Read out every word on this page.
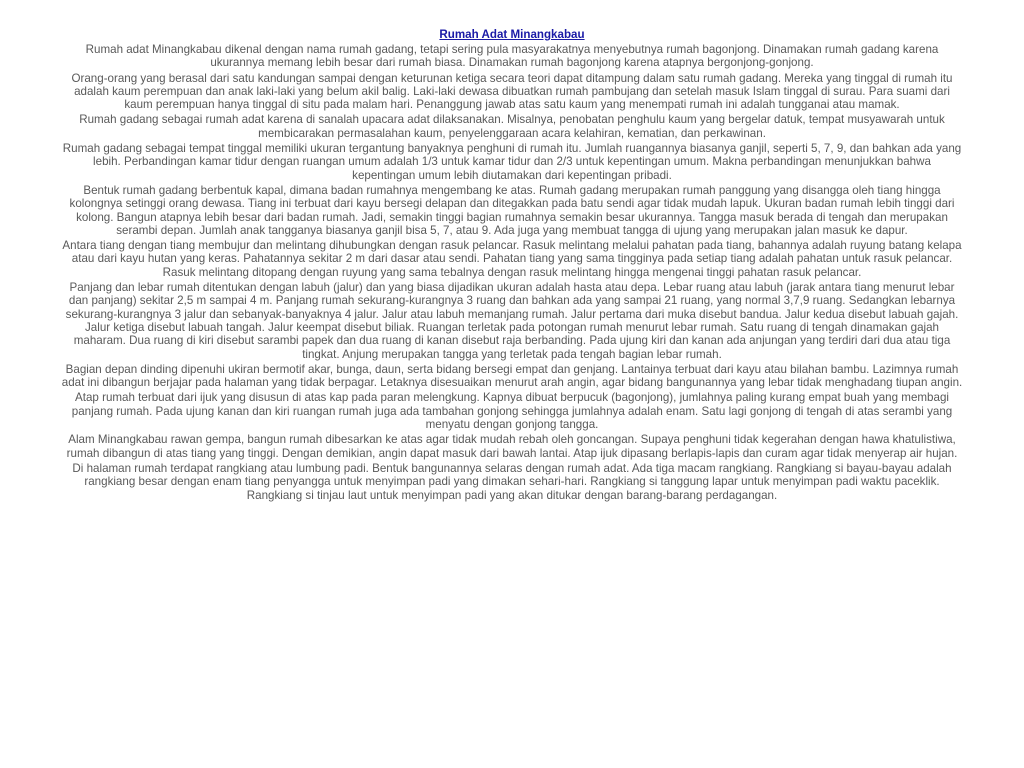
Rumah Adat Minangkabau

Rumah adat Minangkabau dikenal dengan nama rumah gadang, tetapi sering pula masyarakatnya menyebutnya rumah bagonjong. Dinamakan rumah gadang karena ukurannya memang lebih besar dari rumah biasa. Dinamakan rumah bagonjong karena atapnya bergonjong-gonjong.

Orang-orang yang berasal dari satu kandungan sampai dengan keturunan ketiga secara teori dapat ditampung dalam satu rumah gadang. Mereka yang tinggal di rumah itu adalah kaum perempuan dan anak laki-laki yang belum akil balig. Laki-laki dewasa dibuatkan rumah pambujang dan setelah masuk Islam tinggal di surau. Para suami dari kaum perempuan hanya tinggal di situ pada malam hari. Penanggung jawab atas satu kaum yang menempati rumah ini adalah tungganai atau mamak.

Rumah gadang sebagai rumah adat karena di sanalah upacara adat dilaksanakan. Misalnya, penobatan penghulu kaum yang bergelar datuk, tempat musyawarah untuk membicarakan permasalahan kaum, penyelenggaraan acara kelahiran, kematian, dan perkawinan.

Rumah gadang sebagai tempat tinggal memiliki ukuran tergantung banyaknya penghuni di rumah itu. Jumlah ruangannya biasanya ganjil, seperti 5, 7, 9, dan bahkan ada yang lebih. Perbandingan kamar tidur dengan ruangan umum adalah 1/3 untuk kamar tidur dan 2/3 untuk kepentingan umum. Makna perbandingan menunjukkan bahwa kepentingan umum lebih diutamakan dari kepentingan pribadi.

Bentuk rumah gadang berbentuk kapal, dimana badan rumahnya mengembang ke atas. Rumah gadang merupakan rumah panggung yang disangga oleh tiang hingga kolongnya setinggi orang dewasa. Tiang ini terbuat dari kayu bersegi delapan dan ditegakkan pada batu sendi agar tidak mudah lapuk. Ukuran badan rumah lebih tinggi dari kolong. Bangun atapnya lebih besar dari badan rumah. Jadi, semakin tinggi bagian rumahnya semakin besar ukurannya. Tangga masuk berada di tengah dan merupakan serambi depan. Jumlah anak tangganya biasanya ganjil bisa 5, 7, atau 9. Ada juga yang membuat tangga di ujung yang merupakan jalan masuk ke dapur.

Antara tiang dengan tiang membujur dan melintang dihubungkan dengan rasuk pelancar. Rasuk melintang melalui pahatan pada tiang, bahannya adalah ruyung batang kelapa atau dari kayu hutan yang keras. Pahatannya sekitar 2 m dari dasar atau sendi. Pahatan tiang yang sama tingginya pada setiap tiang adalah pahatan untuk rasuk pelancar. Rasuk melintang ditopang dengan ruyung yang sama tebalnya dengan rasuk melintang hingga mengenai tinggi pahatan rasuk pelancar.

Panjang dan lebar rumah ditentukan dengan labuh (jalur) dan yang biasa dijadikan ukuran adalah hasta atau depa. Lebar ruang atau labuh (jarak antara tiang menurut lebar dan panjang) sekitar 2,5 m sampai 4 m. Panjang rumah sekurang-kurangnya 3 ruang dan bahkan ada yang sampai 21 ruang, yang normal 3,7,9 ruang. Sedangkan lebarnya sekurang-kurangnya 3 jalur dan sebanyak-banyaknya 4 jalur. Jalur atau labuh memanjang rumah. Jalur pertama dari muka disebut bandua. Jalur kedua disebut labuah gajah. Jalur ketiga disebut labuah tangah. Jalur keempat disebut biliak. Ruangan terletak pada potongan rumah menurut lebar rumah. Satu ruang di tengah dinamakan gajah maharam. Dua ruang di kiri disebut sarambi papek dan dua ruang di kanan disebut raja berbanding. Pada ujung kiri dan kanan ada anjungan yang terdiri dari dua atau tiga tingkat. Anjung merupakan tangga yang terletak pada tengah bagian lebar rumah.

Bagian depan dinding dipenuhi ukiran bermotif akar, bunga, daun, serta bidang bersegi empat dan genjang. Lantainya terbuat dari kayu atau bilahan bambu. Lazimnya rumah adat ini dibangun berjajar pada halaman yang tidak berpagar. Letaknya disesuaikan menurut arah angin, agar bidang bangunannya yang lebar tidak menghadang tiupan angin.

Atap rumah terbuat dari ijuk yang disusun di atas kap pada paran melengkung. Kapnya dibuat berpucuk (bagonjong), jumlahnya paling kurang empat buah yang membagi panjang rumah. Pada ujung kanan dan kiri ruangan rumah juga ada tambahan gonjong sehingga jumlahnya adalah enam. Satu lagi gonjong di tengah di atas serambi yang menyatu dengan gonjong tangga.

Alam Minangkabau rawan gempa, bangun rumah dibesarkan ke atas agar tidak mudah rebah oleh goncangan. Supaya penghuni tidak kegerahan dengan hawa khatulistiwa, rumah dibangun di atas tiang yang tinggi. Dengan demikian, angin dapat masuk dari bawah lantai. Atap ijuk dipasang berlapis-lapis dan curam agar tidak menyerap air hujan.

Di halaman rumah terdapat rangkiang atau lumbung padi. Bentuk bangunannya selaras dengan rumah adat. Ada tiga macam rangkiang. Rangkiang si bayau-bayau adalah rangkiang besar dengan enam tiang penyangga untuk menyimpan padi yang dimakan sehari-hari. Rangkiang si tanggung lapar untuk menyimpan padi waktu paceklik. Rangkiang si tinjau laut untuk menyimpan padi yang akan ditukar dengan barang-barang perdagangan.
